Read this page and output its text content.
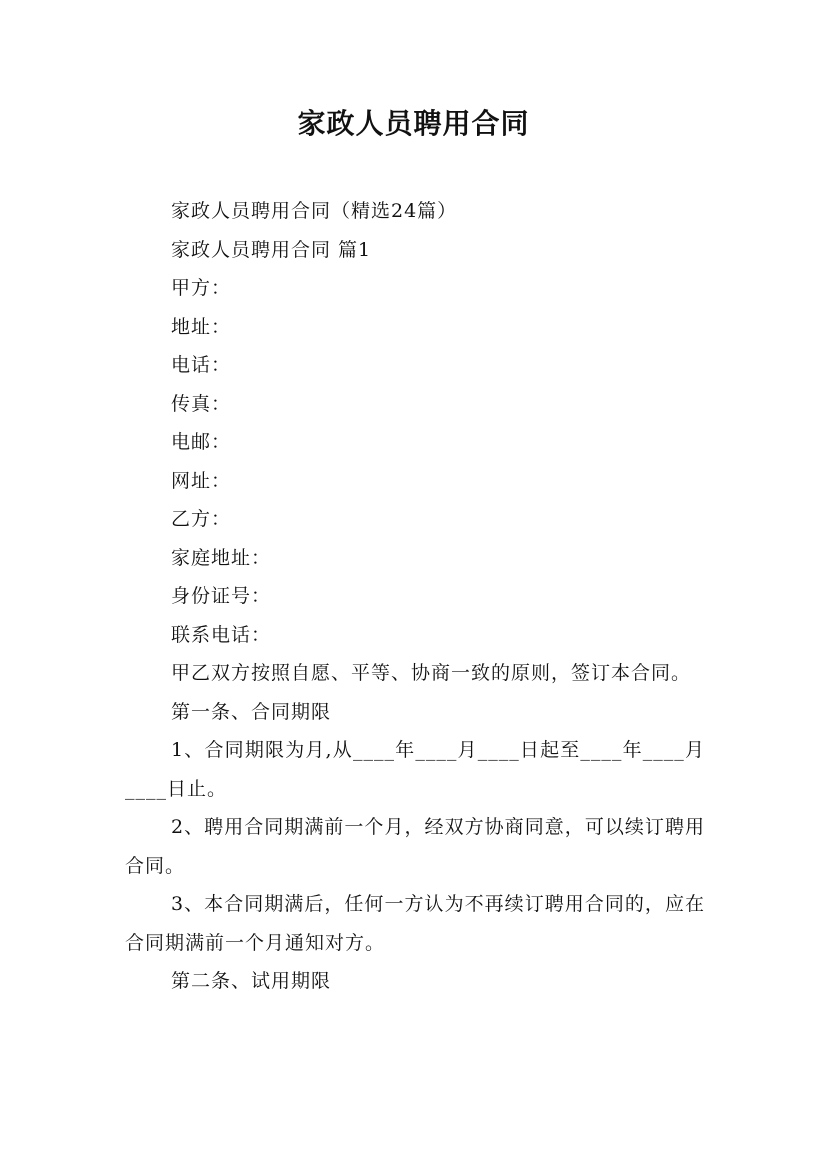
家政人员聘用合同

家政人员聘用合同（精选24篇）

家政人员聘用合同 篇1

甲方：

地址：

电话：

传真：

电邮：

网址：

乙方：

家庭地址：

身份证号：

联系电话：

甲乙双方按照自愿、平等、协商一致的原则，签订本合同。

第一条、合同期限

1、合同期限为月,从____年____月____日起至____年____月____日止。

2、聘用合同期满前一个月，经双方协商同意，可以续订聘用合同。

3、本合同期满后，任何一方认为不再续订聘用合同的，应在合同期满前一个月通知对方。

第二条、试用期限
